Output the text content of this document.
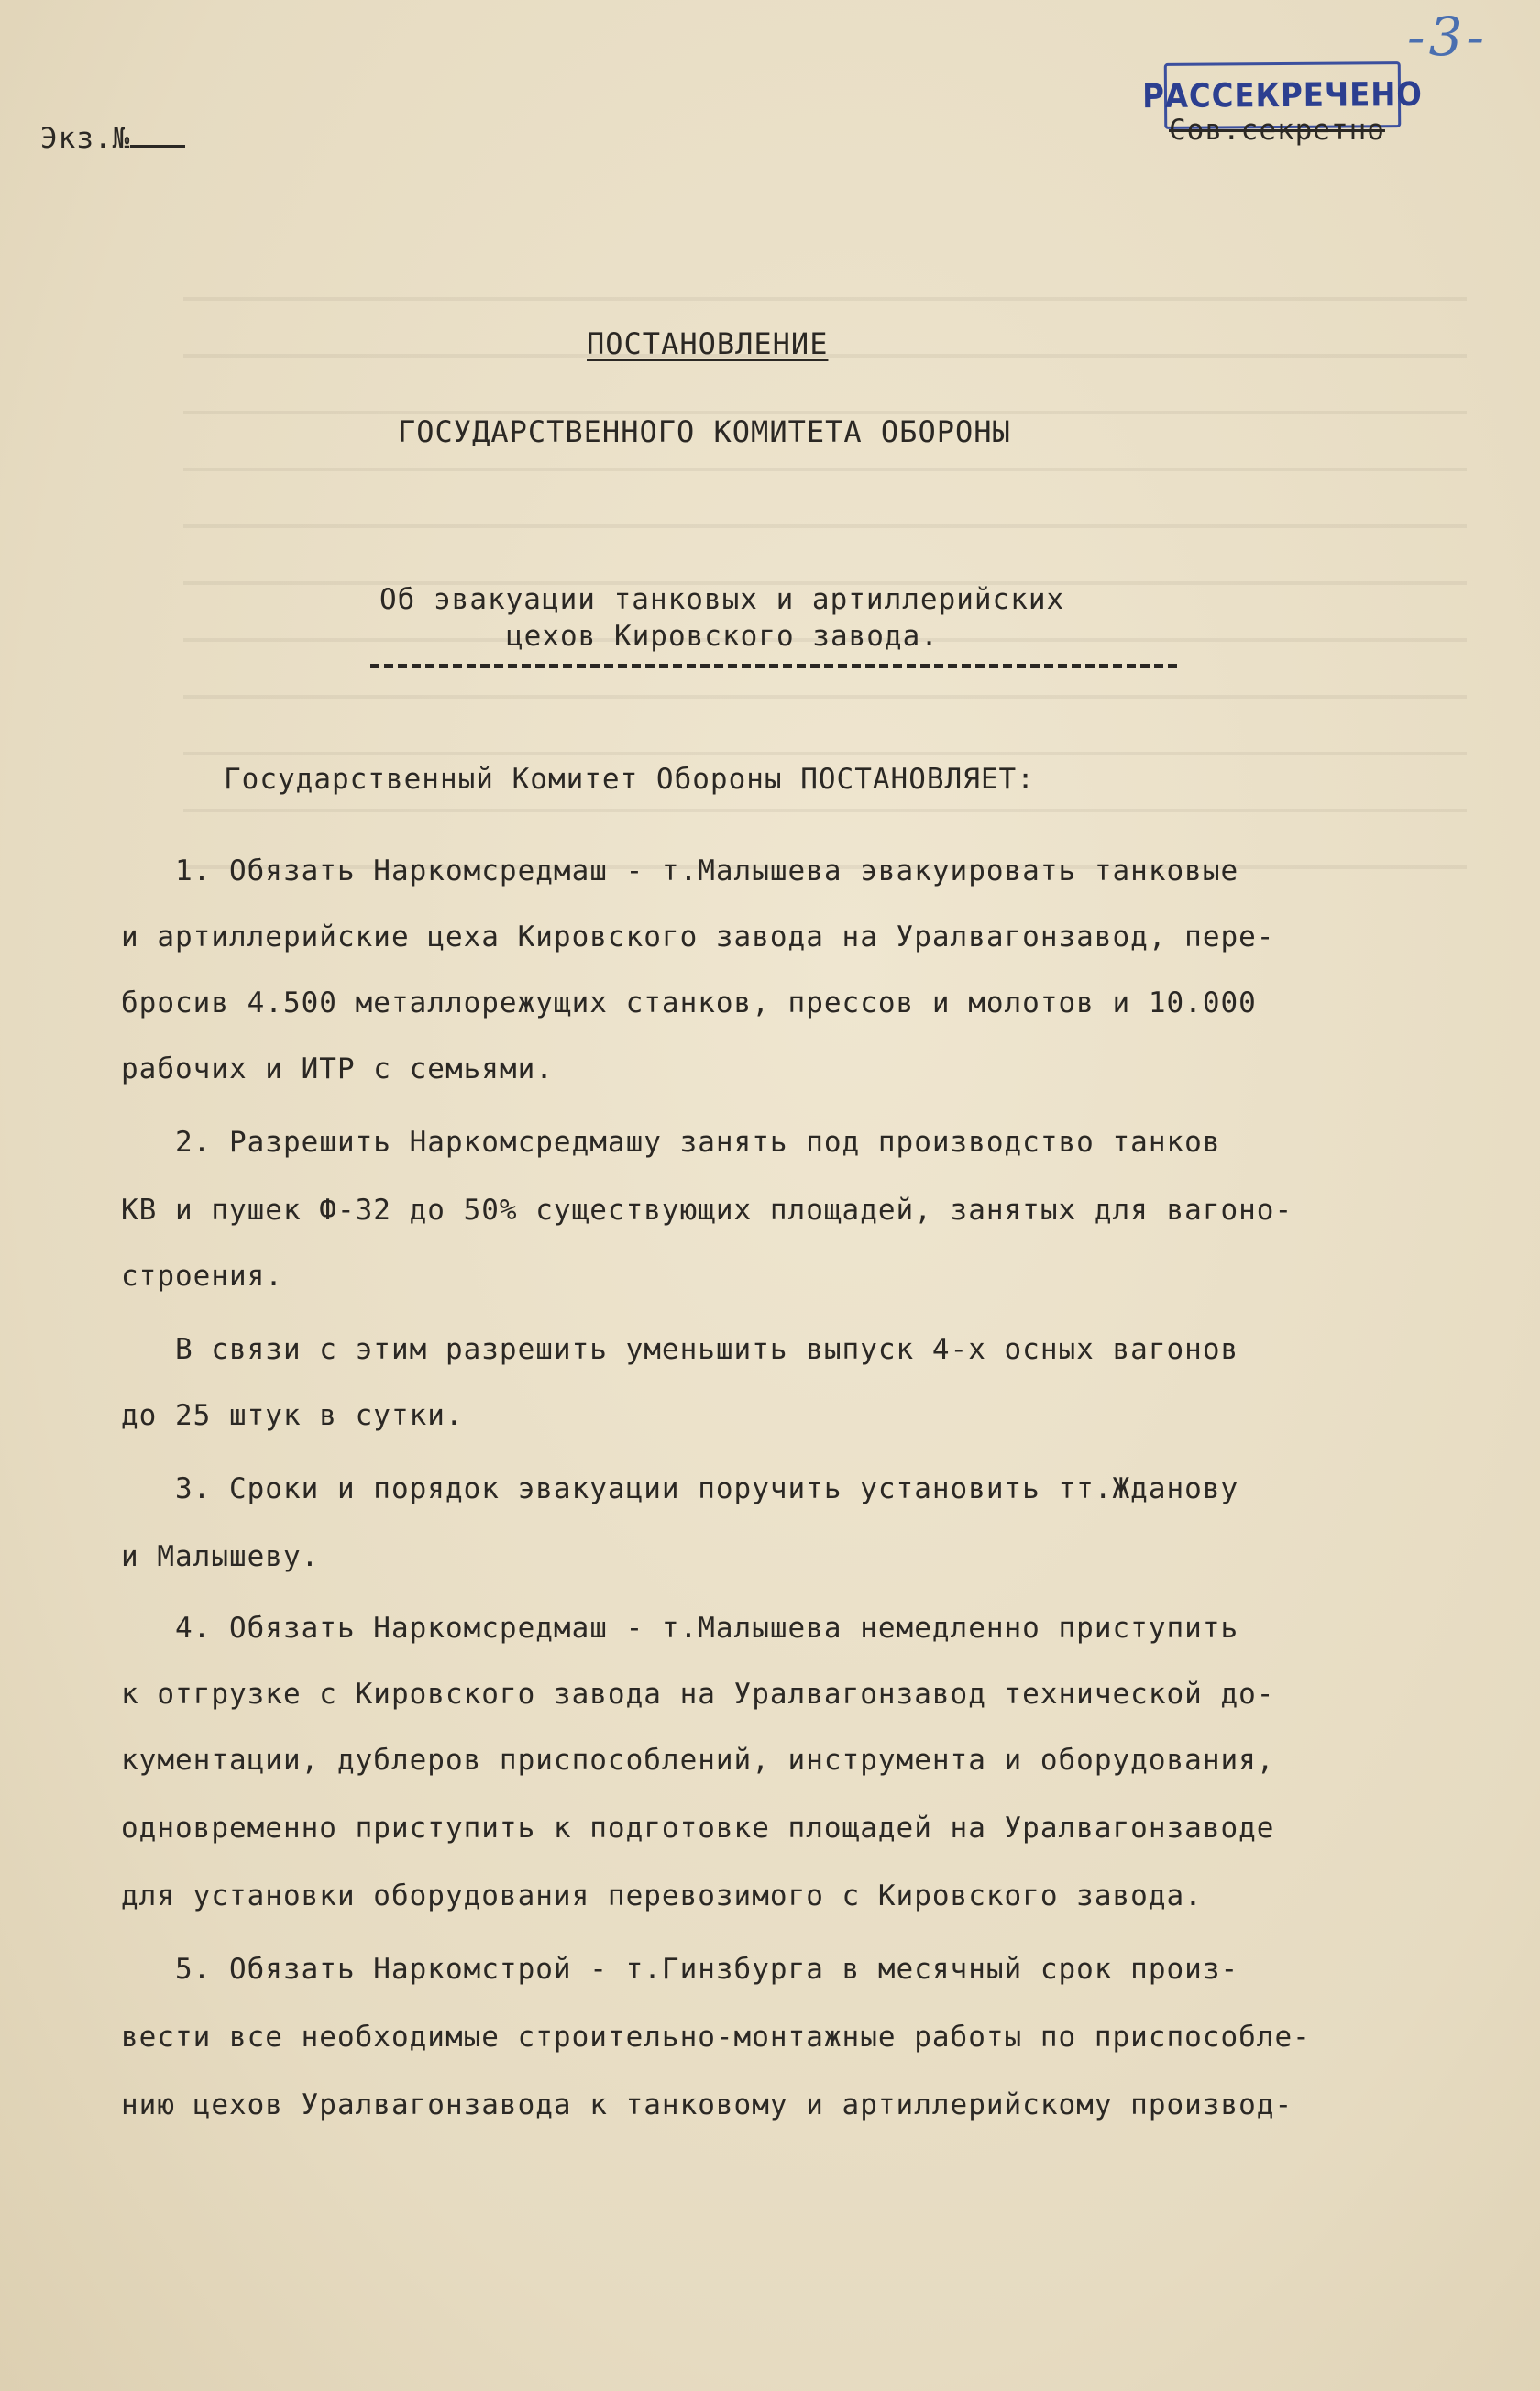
-3-
РАССЕКРЕЧЕНО
Экз.№	Сов.секретно
ПОСТАНОВЛЕНИЕ
ГОСУДАРСТВЕННОГО КОМИТЕТА ОБОРОНЫ
Об эвакуации танковых и артиллерийских
цехов Кировского завода.
Государственный Комитет Обороны ПОСТАНОВЛЯЕТ:
1. Обязать Наркомсредмаш - т.Малышева эвакуировать танковые
и артиллерийские цеха Кировского завода на Уралвагонзавод, пере-
бросив 4.500 металлорежущих станков, прессов и молотов и 10.000
рабочих и ИТР с семьями.
2. Разрешить Наркомсредмашу занять под производство танков
КВ и пушек Ф-32 до 50% существующих площадей, занятых для вагоно-
строения.
В связи с этим разрешить уменьшить выпуск 4-х осных вагонов
до 25 штук в сутки.
3. Сроки и порядок эвакуации поручить установить тт.Жданову
и Малышеву.
4. Обязать Наркомсредмаш - т.Малышева немедленно приступить
к отгрузке с Кировского завода на Уралвагонзавод технической до-
кументации, дублеров приспособлений, инструмента и оборудования,
одновременно приступить к подготовке площадей на Уралвагонзаводе
для установки оборудования перевозимого с Кировского завода.
5. Обязать Наркомстрой - т.Гинзбурга в месячный срок произ-
вести все необходимые строительно-монтажные работы по приспособле-
нию цехов Уралвагонзавода к танковому и артиллерийскому производ-
